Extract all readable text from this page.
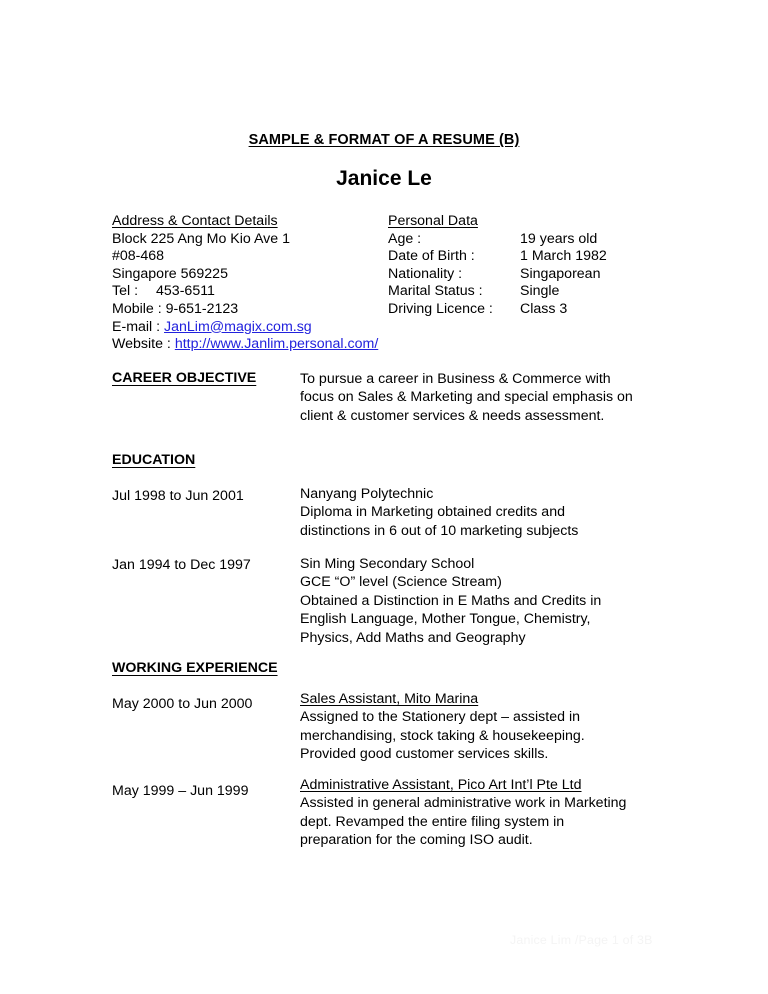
SAMPLE & FORMAT OF A RESUME (B)
Janice Le
Address & Contact Details	Personal Data
Block 225 Ang Mo Kio Ave 1	Age :	19 years old
#08-468	Date of Birth :	1 March 1982
Singapore 569225	Nationality :	Singaporean
Tel : 453-6511	Marital Status :	Single
Mobile : 9-651-2123	Driving Licence : Class 3
E-mail : JanLim@magix.com.sg
Website : http://www.Janlim.personal.com/
CAREER OBJECTIVE	To pursue a career in Business & Commerce with
focus on Sales & Marketing and special emphasis on
client & customer services & needs assessment.
EDUCATION
Jul 1998 to Jun 2001	Nanyang Polytechnic
Diploma in Marketing obtained credits and
distinctions in 6 out of 10 marketing subjects
Jan 1994 to Dec 1997	Sin Ming Secondary School
GCE “O” level (Science Stream)
Obtained a Distinction in E Maths and Credits in
English Language, Mother Tongue, Chemistry,
Physics, Add Maths and Geography
WORKING EXPERIENCE
May 2000 to Jun 2000	Sales Assistant, Mito Marina
Assigned to the Stationery dept – assisted in
merchandising, stock taking & housekeeping.
Provided good customer services skills.
May 1999 – Jun 1999	Administrative Assistant, Pico Art Int’l Pte Ltd
Assisted in general administrative work in Marketing
dept. Revamped the entire filing system in
preparation for the coming ISO audit.
Janice Lim /Page 1 of 3B
